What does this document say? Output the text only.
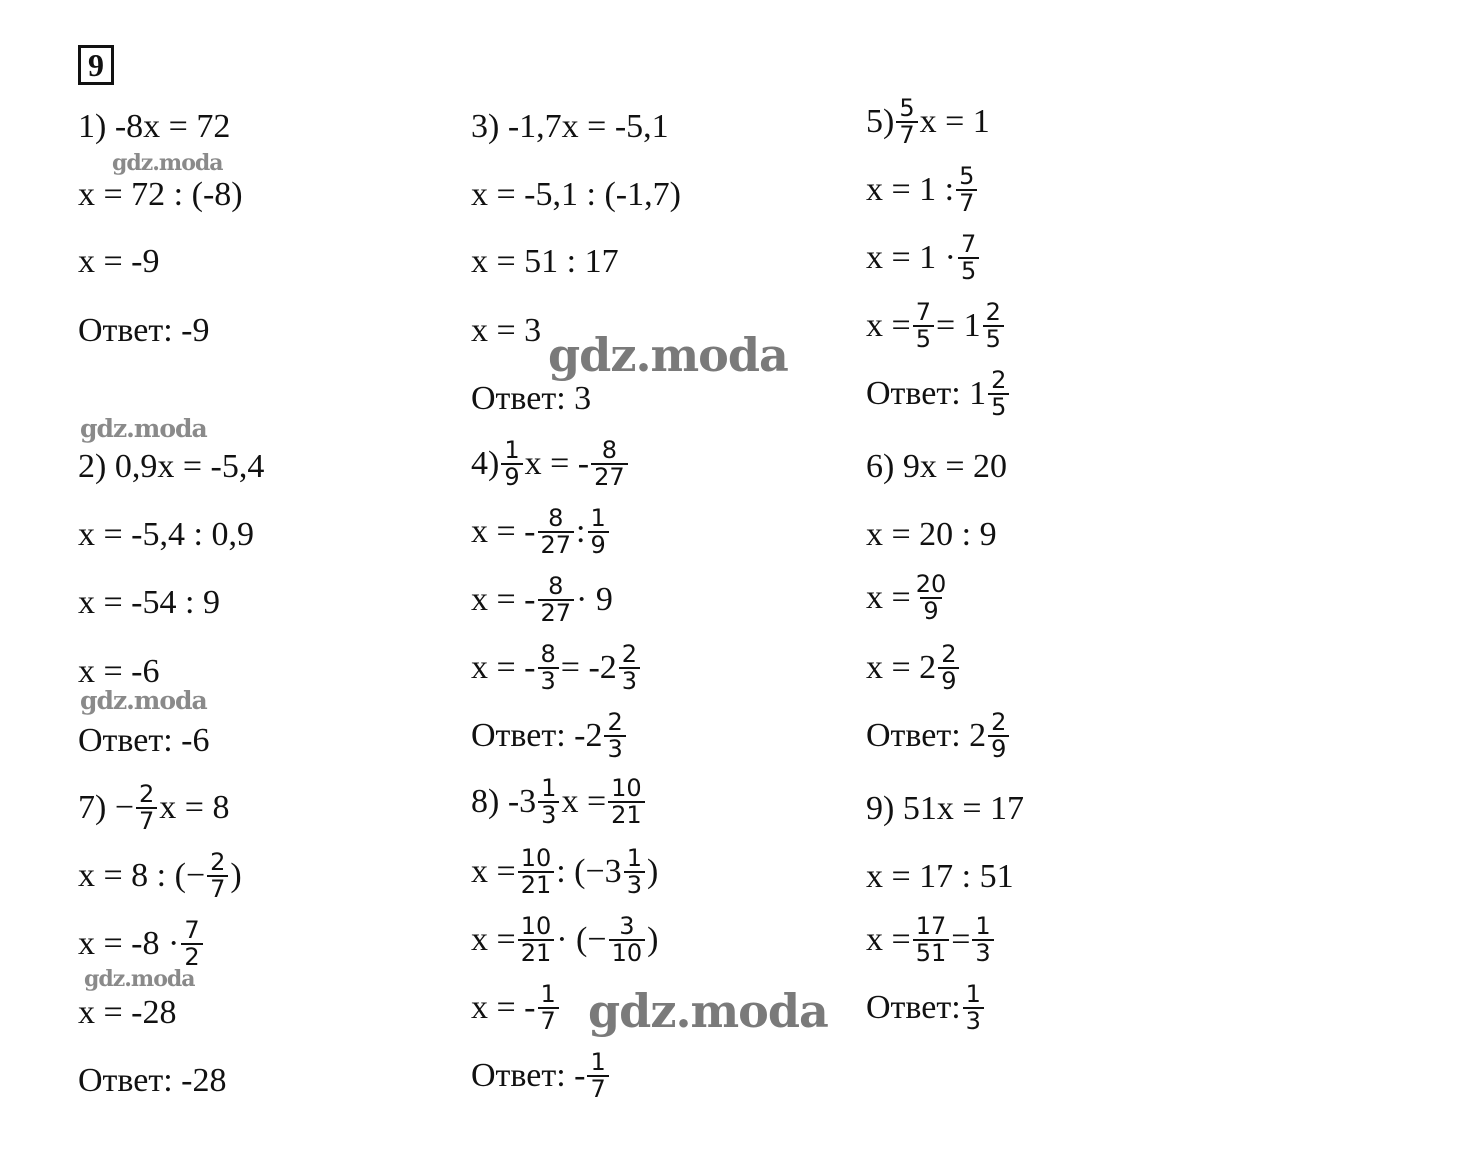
9
gdz.moda
gdz.moda
gdz.moda
gdz.moda
gdz.moda
gdz.moda
1) -8x = 72
x = 72 : (-8)
x = -9
Ответ: -9
2) 0,9x = -5,4
x = -5,4 : 0,9
x = -54 : 9
x = -6
Ответ: -6
$7) - \frac{2}{7}$ x = 8
x = 8 : (− $\frac{2}{7}$ )
$x = -8 \cdot \frac{7}{2}$
x = -28
Ответ: -28
3) -1,7x = -5,1
x = -5,1 : (-1,7)
x = 51 : 17
x = 3
Ответ: 3
$4) \frac{1}{9}$ x = - $\frac{8}{27}$
x = - $\frac{8}{27}$ : $\frac{1}{9}$
x = - $\frac{8}{27} \cdot 9$
x = - $\frac{8}{3} = -2 \frac{2}{3}$
Ответ: $-2 \frac{2}{3}$
8) $-3 \frac{1}{3}$ $x = \frac{10}{21}$
$x = \frac{10}{21}$ : ($-3 \frac{1}{3}$ )
$x = \frac{10}{21}$ · (− $\frac{3}{10}$ )
x = - $\frac{1}{7}$
Ответ: - $\frac{1}{7}$
$5) \frac{5}{7}$ x = 1
x = 1 : $\frac{5}{7}$
$x = 1 \cdot \frac{7}{5}$
$x = \frac{7}{5} = 1 \frac{2}{5}$
Ответ: $1 \frac{2}{5}$
6) 9x = 20
x = 20 : 9
$x = \frac{20}{9}$
$x = 2 \frac{2}{9}$
Ответ: $2 \frac{2}{9}$
9) 51x = 17
x = 17 : 51
$x = \frac{17}{51} = \frac{1}{3}$
Ответ: $\frac{1}{3}$
